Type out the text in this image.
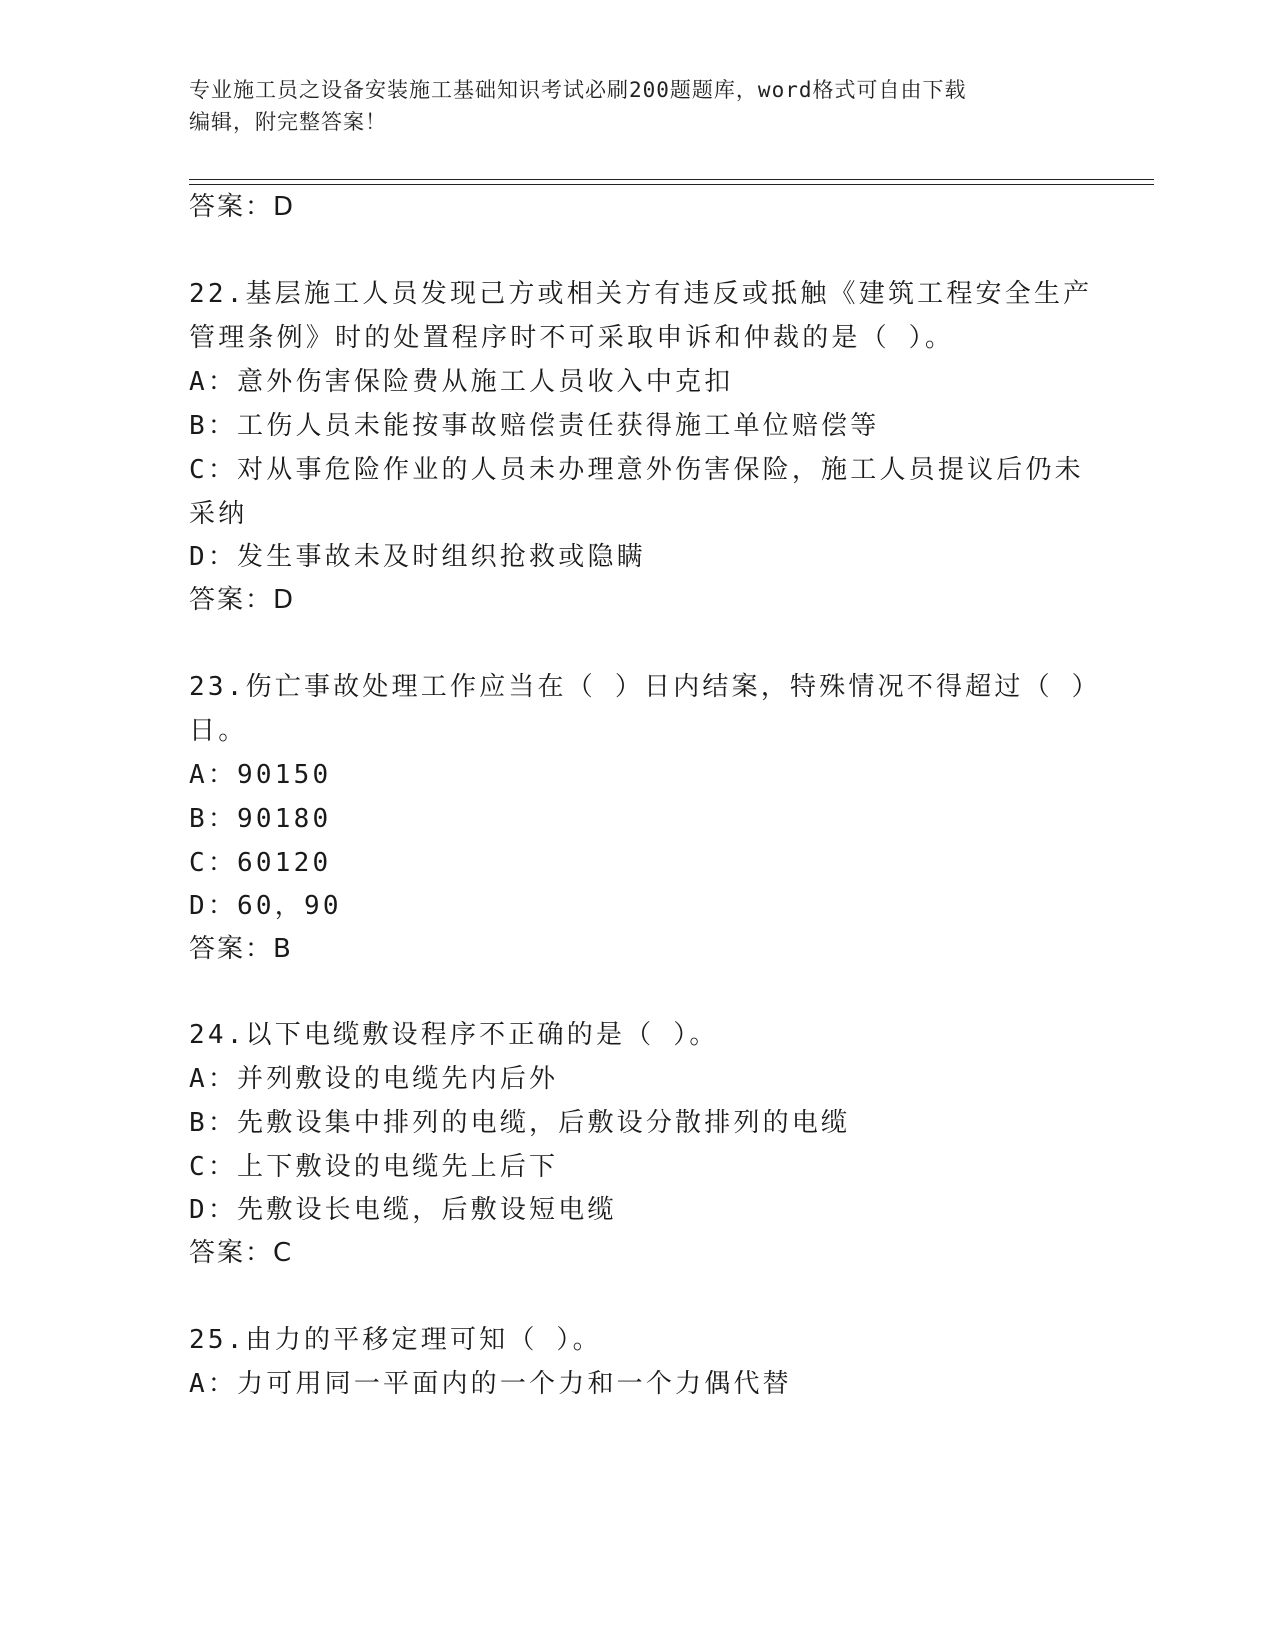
专业施工员之设备安装施工基础知识考试必刷200题题库，word格式可自由下载
编辑，附完整答案！
答案：D
22.基层施工人员发现己方或相关方有违反或抵触《建筑工程安全生产
管理条例》时的处置程序时不可采取申诉和仲裁的是（ ）。
A：意外伤害保险费从施工人员收入中克扣
B：工伤人员未能按事故赔偿责任获得施工单位赔偿等
C：对从事危险作业的人员未办理意外伤害保险，施工人员提议后仍未
采纳
D：发生事故未及时组织抢救或隐瞒
答案：D
23.伤亡事故处理工作应当在（ ）日内结案，特殊情况不得超过（ ）
日。
A：90150
B：90180
C：60120
D：60，90
答案：B
24.以下电缆敷设程序不正确的是（ ）。
A：并列敷设的电缆先内后外
B：先敷设集中排列的电缆，后敷设分散排列的电缆
C：上下敷设的电缆先上后下
D：先敷设长电缆，后敷设短电缆
答案：C
25.由力的平移定理可知（ ）。
A：力可用同一平面内的一个力和一个力偶代替
